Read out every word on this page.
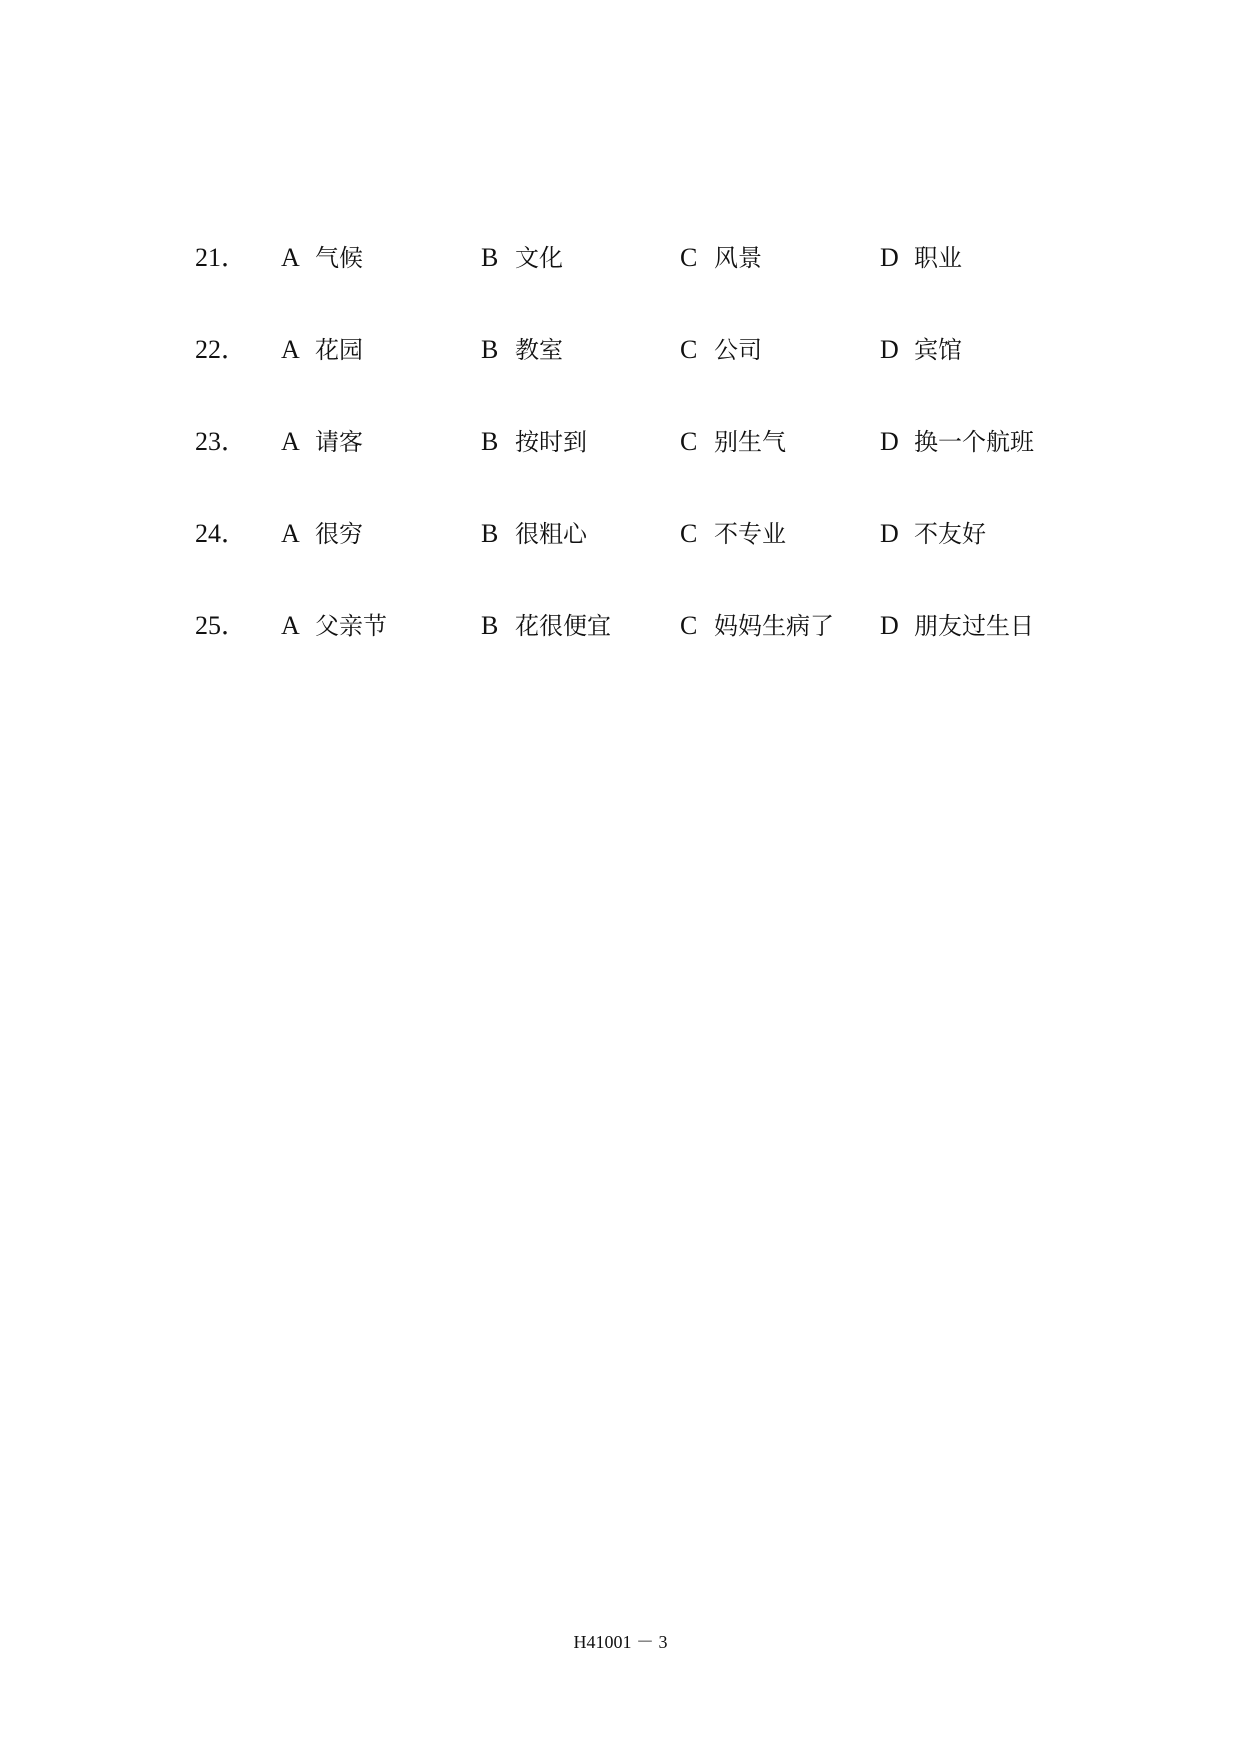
21．	A 气候	B 文化	C 风景	D 职业
22．	A 花园	B 教室	C 公司	D 宾馆
23．	A 请客	B 按时到	C 别生气	D 换一个航班
24．	A 很穷	B 很粗心	C 不专业	D 不友好
25．	A 父亲节	B 花很便宜	C 妈妈生病了 D 朋友过生日
H41001 － 3
